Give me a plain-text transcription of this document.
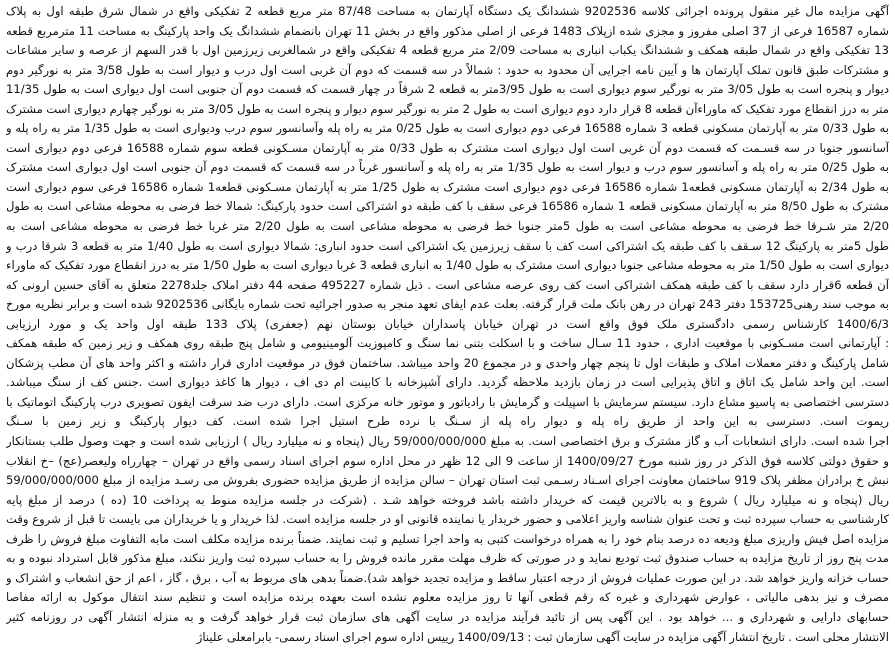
آگهی مزایده مال غیر منقول پرونده اجرائی کلاسه 9202536 ششدانگ یک دستگاه آپارتمان به مساحت 87/48 متر مربع قطعه 2 تفکیکی واقع در شمال شرق طبقه اول به پلاک
شماره 16587 فرعی از 37 اصلی مفروز و مجزی شده ازپلاک 1483 فرعی از اصلی مذکور واقع در بخش 11 تهران بانضمام ششدانگ یک واحد پارکینگ به مساحت 11 مترمربع قطعه
13 تفکیکی واقع در شمال طبقه همکف و ششدانگ یکباب انباری به مساحت 2/09 متر مربع قطعه 4 تفکیکی واقع در شمالغربی زیرزمین اول با قدر السهم از عرصه و سایر مشاعات
و مشترکات طبق قانون تملک آپارتمان ها و آیین نامه اجرایی آن محدود به حدود : شمالاً در سه قسمت که دوم آن غربی است اول درب و دیوار است به طول 3/58 متر به نورگیر دوم
دیوار و پنجره است به طول 3/05 متر به نورگیر سوم دیواری است به طول 3/95متر به قطعه 2 شرقاً در چهار قسمت که قسمت دوم آن جنوبی است اول دیواری است به طول 11/35
متر به درز انقطاع مورد تفکیک که ماوراءآن قطعه 8 قرار دارد دوم دیواری است به طول 2 متر به نورگیر سوم دیوار و پنجره است به طول 3/05 متر به نورگیر چهارم دیواری است مشترک
به طول 0/33 متر به آپارتمان مسکونی قطعه 3 شماره 16588 فرعی دوم دیواری است به طول 0/25 متر به راه پله وآسانسور سوم درب ودیواری است به طول 1/35 متر به راه پله و
آسانسور جنوبا در سه قسـمت که قسمت دوم آن غربی است اول دیواری است مشترک به طول 0/33 متر به آپارتمان مسـکونی قطعه سوم شماره 16588 فرعی دوم دیواری است
به طول 0/25 متر به راه پله و آسانسور سوم درب و دیوار است به طول 1/35 متر به راه پله و آسانسور غرباً در سه قسمت که قسمت دوم آن جنوبی است اول دیواری است مشترک
به طول 2/34 به آپارتمان مسکونی قطعه1 شماره 16586 فرعی دوم دیواری است مشترک به طول 1/25 متر به آپارتمان مسـکونی قطعه1 شماره 16586 فرعی سوم دیواری است
مشترک به طول 8/50 متر به آپارتمان مسکونی قطعه 1 شماره 16586 فرعی سقف با کف طبقه دو اشتراکی است حدود پارکینگ: شمالا خط فرضی به محوطه مشاعی است به طول
2/20 متر شـرقا خط فرضی به محوطه مشاعی است به طول 5متر جنوبا خط فرضی به محوطه مشاعی است به طول 2/20 متر غربا خط فرضی به محوطه مشاعی است به
طول 5متر به پارکینگ 12 سـقف با کف طبقه یک اشتراکی است کف با سقف زیرزمین یک اشتراکی است حدود انباری: شمالا دیواری است به طول 1/40 متر به قطعه 3 شرقا درب و
دیواری است به طول 1/50 متر به محوطه مشاعی جنوبا دیواری است مشترک به طول 1/40 به انباری قطعه 3 غربا دیواری است به طول 1/50 متر به درز انقطاع مورد تفکیک که ماوراء
آن قطعه 6قرار دارد سقف با کف طبقه همکف اشتراکی است کف روی عرصه مشاعی است . ذیل شماره 495227 صفحه 44 دفتر املاک جلد2278 متعلق به آقای حسین ارونی که
به موجب سند رهنی153725 دفتر 243 تهران در رهن بانک ملت قرار گرفته. بعلت عدم ایفای تعهد منجر به صدور اجرائیه تحت شماره بایگانی 9202536 شده است و برابر نظریه مورخ
1400/6/3 کارشناس رسمی دادگستری ملک فوق واقع است در تهران خیابان پاسداران خیابان بوستان نهم (جعفری) پلاک 133 طبقه اول واحد یک و مورد ارزیابی
: آپارتمانی است مسـکونی با موقعیت اداری ، حدود 11 سـال ساخت و با اسکلت بتنی نما سنگ و کامپوزیت آلومینیومی و شامل پنج طبقه روی همکف و زیر زمین که طبقه همکف
شامل پارکینگ و دفتر معملات املاک و طبقات اول تا پنجم چهار واحدی و در مجموع 20 واحد میباشد. ساختمان فوق در موقعیت اداری قرار داشته و اکثر واحد های آن مطب پزشکان
است. این واحد شامل یک اتاق و اتاق پذیرایی است در زمان بازدید ملاحظه گردید. دارای آشپزخانه با کابینت ام دی اف ، دیوار ها کاغذ دیواری است .جنس کف از سنگ میباشد.
دسترسی اختصاصی به پاسیو مشاع دارد. سیستم سرمایش با اسپیلت و گرمایش با رادیاتور و موتور خانه مرکزی است. دارای درب ضد سرقت ایفون تصویری درب پارکینگ اتوماتیک با
ریموت است. دسترسی به این واحد از طریق راه پله و دیوار راه پله از سـنگ با نرده طرح استیل اجرا شده است. کف دیوار پارکینگ و زیر زمین با سـنگ
اجرا شده است. دارای انشعابات آب و گاز مشترک و برق اختصاصی است. به مبلغ 59/000/000/000 ریال (پنجاه و نه میلیارد ریال ) ارزیابی شده است و جهت وصول طلب بستانکار
و حقوق دولتی کلاسه فوق الذکر در روز شنبه مورخ 1400/09/27 از ساعت 9 الی 12 ظهر در محل اداره سوم اجرای اسناد رسمی واقع در تهران – چهارراه ولیعصر(عج) –خ انقلاب
نبش خ برادران مظفر پلاک 919 ساختمان معاونت اجرای اسـناد رسـمی ثبت استان تهران – سالن مزایده از طریق مزایده حضوری بفروش می رسـد مزایده از مبلغ 59/000/000/000
ریال (پنجاه و نه میلیارد ریال ) شروع و به بالاترین قیمت که خریدار داشته باشد فروخته خواهد شـد . (شرکت در جلسه مزایده منوط به پرداخت 10 (ده ) درصد از مبلغ پایه
کارشناسی به حساب سپرده ثبت و تحت عنوان شناسه واریز اعلامی و حضور خریدار یا نماینده قانونی او در جلسه مزایده است. لذا خریدار و یا خریداران می بایست تا قبل از شروع وقت
مزایده اصل فیش واریزی مبلغ ودیعه ده درصد بنام خود را به همراه درخواست کتبی به واحد اجرا تسلیم و ثبت نمایند. ضمناً برنده مزایده مکلف است مابه التفاوت مبلغ فروش را ظرف
مدت پنج روز از تاریخ مزایده به حساب صندوق ثبت تودیع نماید و در صورتی که ظرف مهلت مقرر مانده فروش را به حساب سپرده ثبت واریز ننکند، مبلغ مذکور قابل استرداد نبوده و به
حساب خزانه واریز خواهد شد. در این صورت عملیات فروش از درجه اعتبار ساقط و مزایده تجدید خواهد شد).ضمناً بدهی های مربوط به آب ، برق ، گاز ، اعم از حق انشعاب و اشتراک و
مصرف و نیز بدهی مالیاتی ، عوارض شهرداری و غیره که رقم قطعی آنها تا روز مزایده معلوم نشده است بعهده برنده مزایده است و تنظیم سند انتقال موکول به ارائه مفاصا
حسابهای دارایی و شهرداری و ... خواهد بود . این آگهی پس از تائید فرآیند مزایده در سایت آگهی های سازمان ثبت قرار خواهد گرفت و به منزله انتشار آگهی در روزنامه کثیر
الانتشار محلی است . تاریخ انتشار آگهی مزایده در سایت آگهی سازمان ثبت : 1400/09/13 رییس اداره سوم اجرای اسناد رسمی- بابرامعلی علیناژ
